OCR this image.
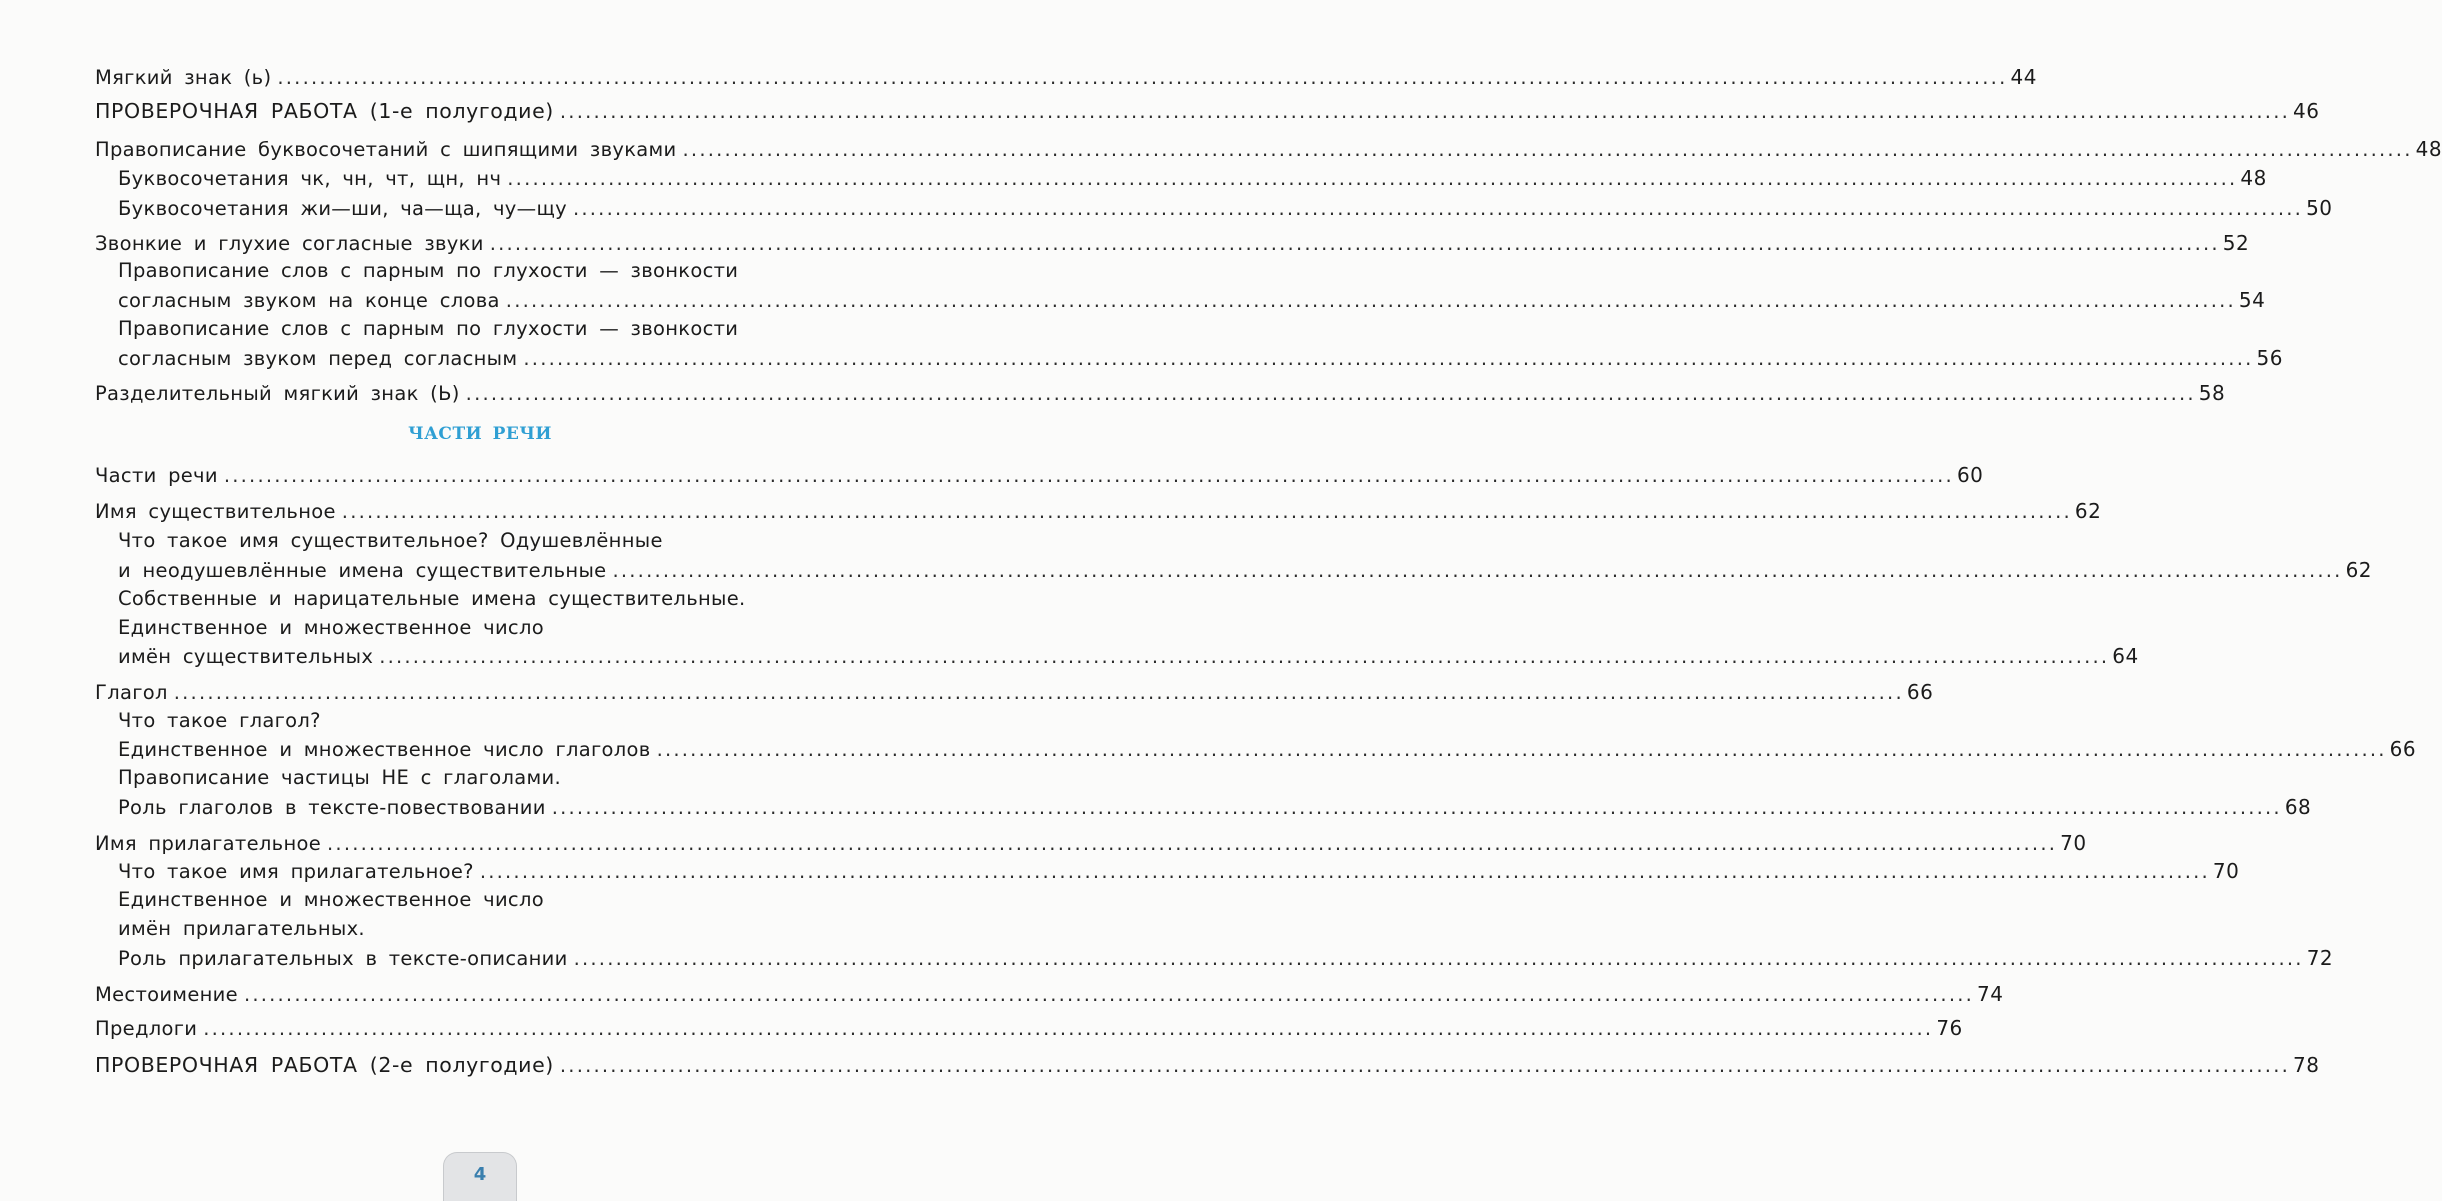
Мягкий знак (ь) .............................................................................................................................................................................................................. 44
ПРОВЕРОЧНАЯ РАБОТА (1-е полугодие) .............................................................................................................................................................................................................. 46
Правописание буквосочетаний с шипящими звуками .............................................................................................................................................................................................................. 48
Буквосочетания чк, чн, чт, щн, нч .............................................................................................................................................................................................................. 48
Буквосочетания жи—ши, ча—ща, чу—щу .............................................................................................................................................................................................................. 50
Звонкие и глухие согласные звуки .............................................................................................................................................................................................................. 52
Правописание слов с парным по глухости — звонкости
согласным звуком на конце слова .............................................................................................................................................................................................................. 54
Правописание слов с парным по глухости — звонкости
согласным звуком перед согласным .............................................................................................................................................................................................................. 56
Разделительный мягкий знак (Ь) .............................................................................................................................................................................................................. 58
ЧАСТИ РЕЧИ
Части речи .............................................................................................................................................................................................................. 60
Имя существительное .............................................................................................................................................................................................................. 62
Что такое имя существительное? Одушевлённые
и неодушевлённые имена существительные .............................................................................................................................................................................................................. 62
Собственные и нарицательные имена существительные.
Единственное и множественное число
имён существительных .............................................................................................................................................................................................................. 64
Глагол .............................................................................................................................................................................................................. 66
Что такое глагол?
Единственное и множественное число глаголов .............................................................................................................................................................................................................. 66
Правописание частицы НЕ с глаголами.
Роль глаголов в тексте-повествовании .............................................................................................................................................................................................................. 68
Имя прилагательное .............................................................................................................................................................................................................. 70
Что такое имя прилагательное? .............................................................................................................................................................................................................. 70
Единственное и множественное число
имён прилагательных.
Роль прилагательных в тексте-описании .............................................................................................................................................................................................................. 72
Местоимение .............................................................................................................................................................................................................. 74
Предлоги .............................................................................................................................................................................................................. 76
ПРОВЕРОЧНАЯ РАБОТА (2-е полугодие) .............................................................................................................................................................................................................. 78
4
